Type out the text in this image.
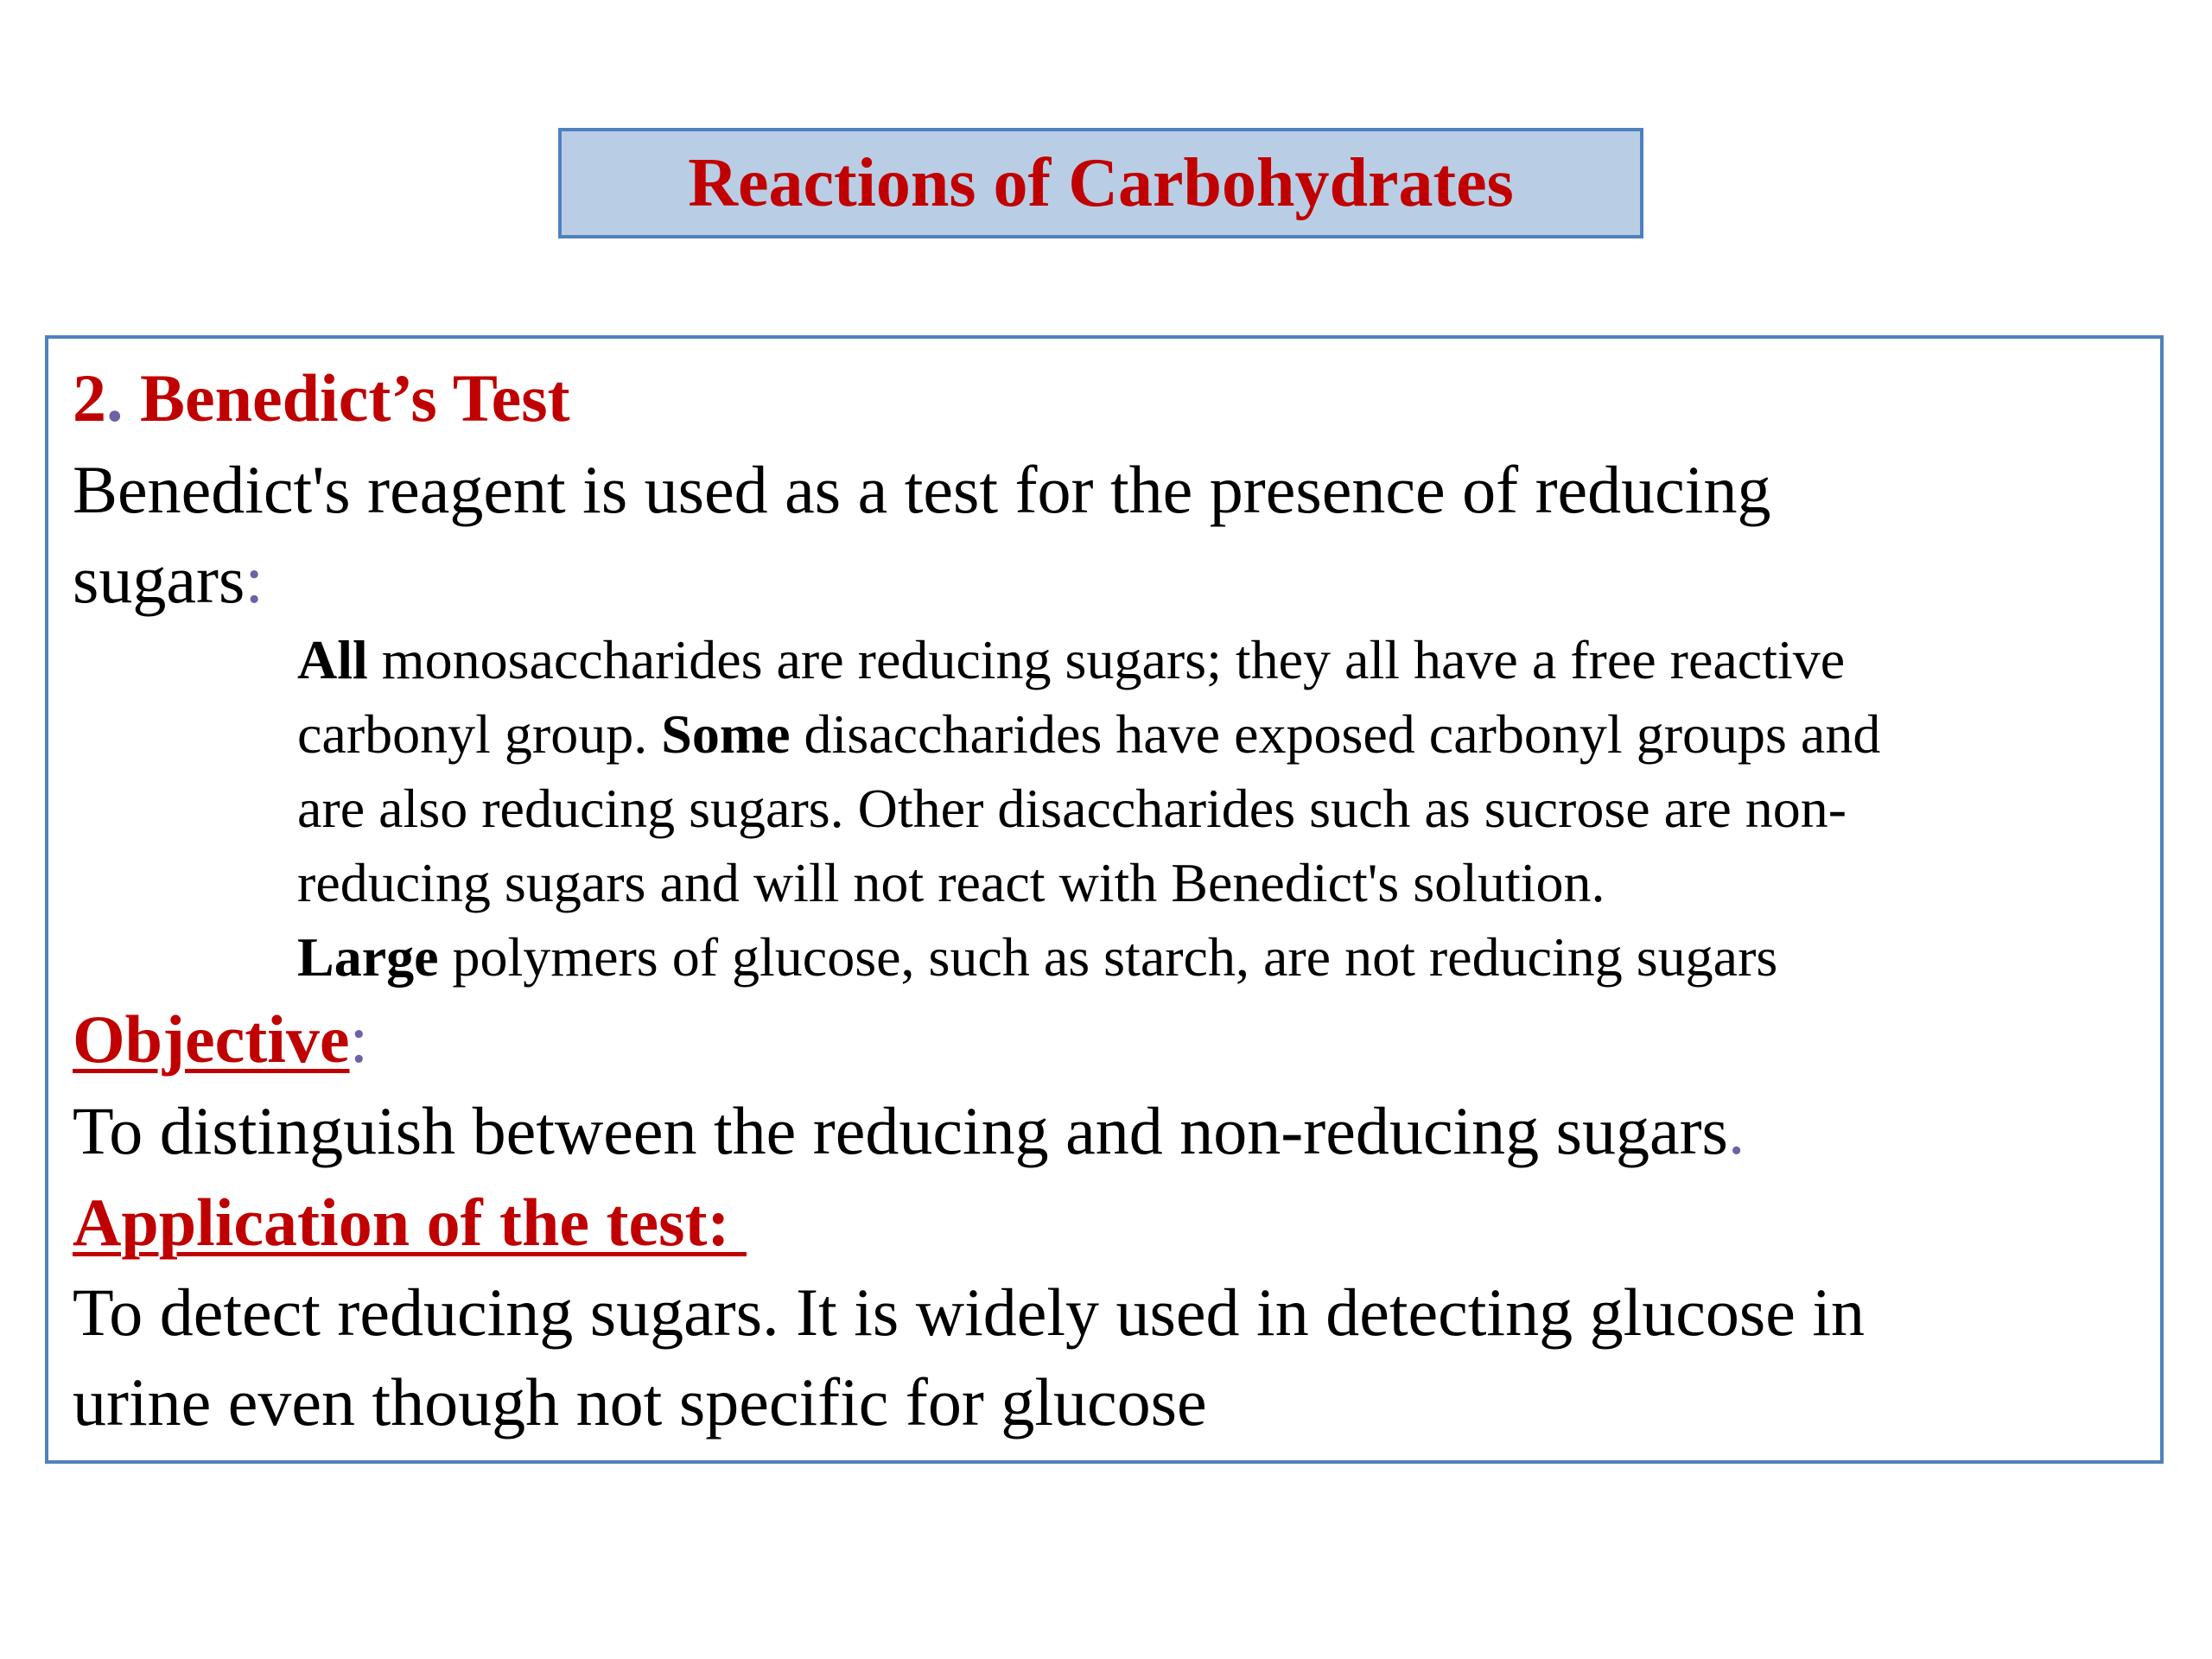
Reactions of Carbohydrates
2. Benedict’s Test
Benedict's reagent is used as a test for the presence of reducing
sugars:
All monosaccharides are reducing sugars; they all have a free reactive
carbonyl group. Some disaccharides have exposed carbonyl groups and
are also reducing sugars. Other disaccharides such as sucrose are non-
reducing sugars and will not react with Benedict's solution.
Large polymers of glucose, such as starch, are not reducing sugars
Objective:
To distinguish between the reducing and non-reducing sugars.
Application of the test:
To detect reducing sugars. It is widely used in detecting glucose in
urine even though not specific for glucose
